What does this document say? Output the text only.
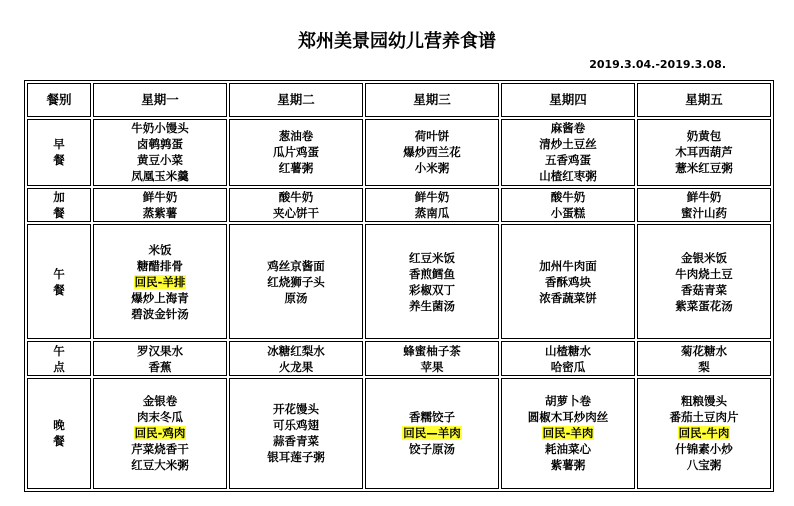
郑州美景园幼儿营养食谱
2019.3.04.-2019.3.08.
餐别	星期一	星期二	星期三	星期四	星期五

早
餐	牛奶小馒头
卤鹌鹑蛋
黄豆小菜
凤凰玉米羹	葱油卷
瓜片鸡蛋
红薯粥	荷叶饼
爆炒西兰花
小米粥	麻酱卷
清炒土豆丝
五香鸡蛋
山楂红枣粥	奶黄包
木耳西葫芦
薏米红豆粥

加
餐	鲜牛奶
蒸紫薯	酸牛奶
夹心饼干	鲜牛奶
蒸南瓜	酸牛奶
小蛋糕	鲜牛奶
蜜汁山药

午
餐	米饭
糖醋排骨
回民-羊排
爆炒上海青
碧波金针汤	鸡丝京酱面
红烧狮子头
原汤	红豆米饭
香煎鳕鱼
彩椒双丁
养生菌汤	加州牛肉面
香酥鸡块
浓香蔬菜饼	金银米饭
牛肉烧土豆
香菇青菜
紫菜蛋花汤

午
点	罗汉果水
香蕉	冰糖红梨水
火龙果	蜂蜜柚子茶
苹果	山楂糖水
哈密瓜	菊花糖水
梨

晚
餐	金银卷
肉末冬瓜
回民-鸡肉
芹菜烧香干
红豆大米粥	开花馒头
可乐鸡翅
蒜香青菜
银耳莲子粥	香糯饺子
回民—羊肉
饺子原汤	胡萝卜卷
圆椒木耳炒肉丝
回民-羊肉
耗油菜心
紫薯粥	粗粮馒头
番茄土豆肉片
回民-牛肉
什锦素小炒
八宝粥
